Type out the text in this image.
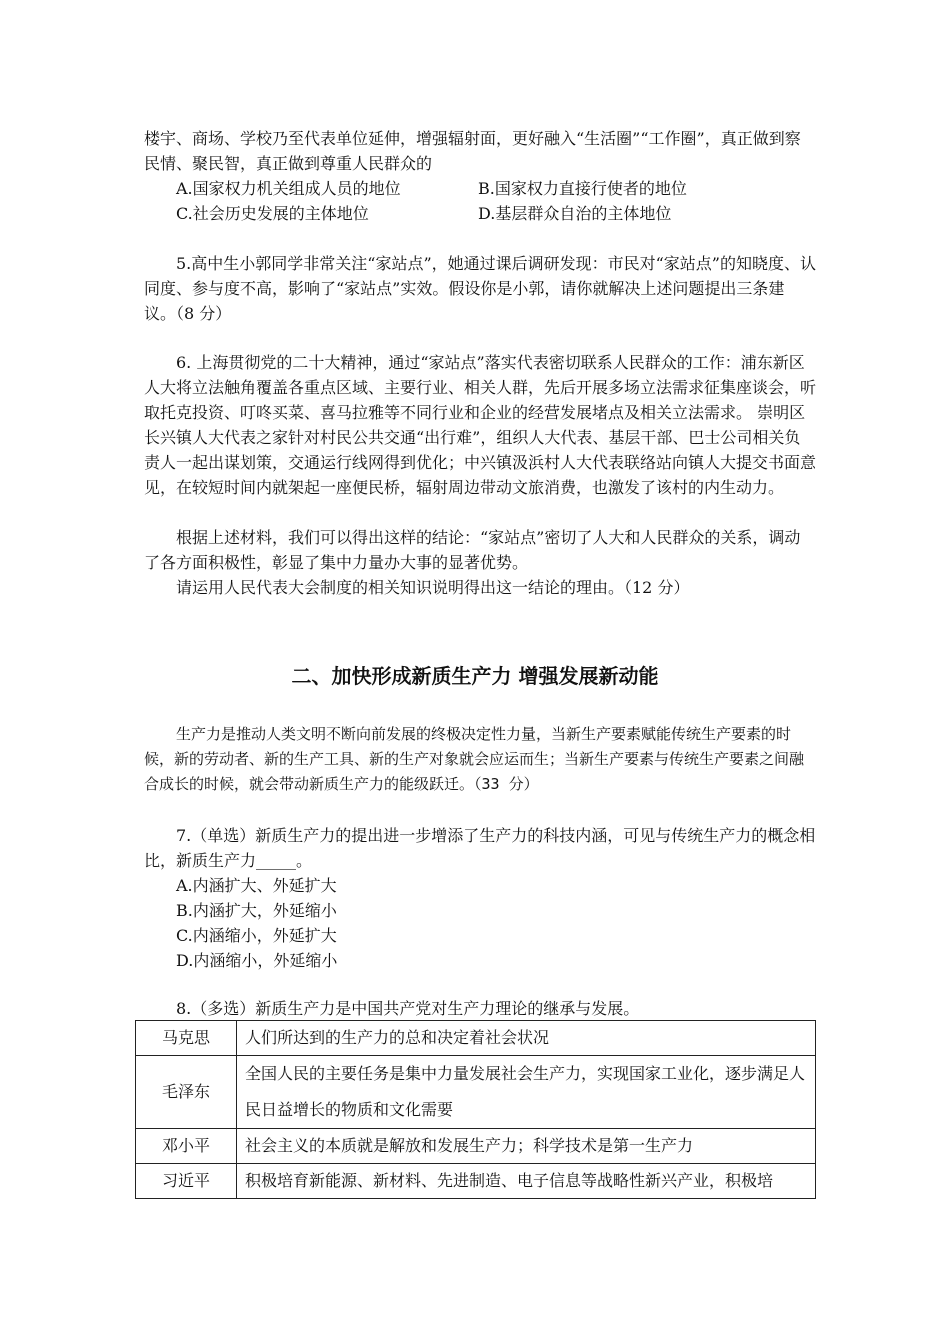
楼宇、商场、学校乃至代表单位延伸，增强辐射面，更好融入“生活圈”“工作圈”，真正做到察民情、聚民智，真正做到尊重人民群众的

A.国家权力机关组成人员的地位	B.国家权力直接行使者的地位
C.社会历史发展的主体地位	D.基层群众自治的主体地位

5.高中生小郭同学非常关注“家站点”，她通过课后调研发现：市民对“家站点”的知晓度、认同度、参与度不高，影响了“家站点”实效。假设你是小郭，请你就解决上述问题提出三条建议。（8 分）

6. 上海贯彻党的二十大精神，通过“家站点”落实代表密切联系人民群众的工作：浦东新区人大将立法触角覆盖各重点区域、主要行业、相关人群，先后开展多场立法需求征集座谈会，听取托克投资、叮咚买菜、喜马拉雅等不同行业和企业的经营发展堵点及相关立法需求。 崇明区长兴镇人大代表之家针对村民公共交通“出行难”，组织人大代表、基层干部、巴士公司相关负责人一起出谋划策，交通运行线网得到优化；中兴镇汲浜村人大代表联络站向镇人大提交书面意见，在较短时间内就架起一座便民桥，辐射周边带动文旅消费，也激发了该村的内生动力。

根据上述材料，我们可以得出这样的结论：“家站点”密切了人大和人民群众的关系，调动了各方面积极性，彰显了集中力量办大事的显著优势。

请运用人民代表大会制度的相关知识说明得出这一结论的理由。（12 分）

二、加快形成新质生产力 增强发展新动能

生产力是推动人类文明不断向前发展的终极决定性力量，当新生产要素赋能传统生产要素的时候，新的劳动者、新的生产工具、新的生产对象就会应运而生；当新生产要素与传统生产要素之间融合成长的时候，就会带动新质生产力的能级跃迁。（33 分）

7.（单选）新质生产力的提出进一步增添了生产力的科技内涵，可见与传统生产力的概念相比，新质生产力_____。

A.内涵扩大、外延扩大
B.内涵扩大，外延缩小
C.内涵缩小，外延扩大
D.内涵缩小，外延缩小

8.（多选）新质生产力是中国共产党对生产力理论的继承与发展。

马克思	人们所达到的生产力的总和决定着社会状况
毛泽东	全国人民的主要任务是集中力量发展社会生产力，实现国家工业化，逐步满足人民日益增长的物质和文化需要
邓小平	社会主义的本质就是解放和发展生产力；科学技术是第一生产力
习近平	积极培育新能源、新材料、先进制造、电子信息等战略性新兴产业，积极培
